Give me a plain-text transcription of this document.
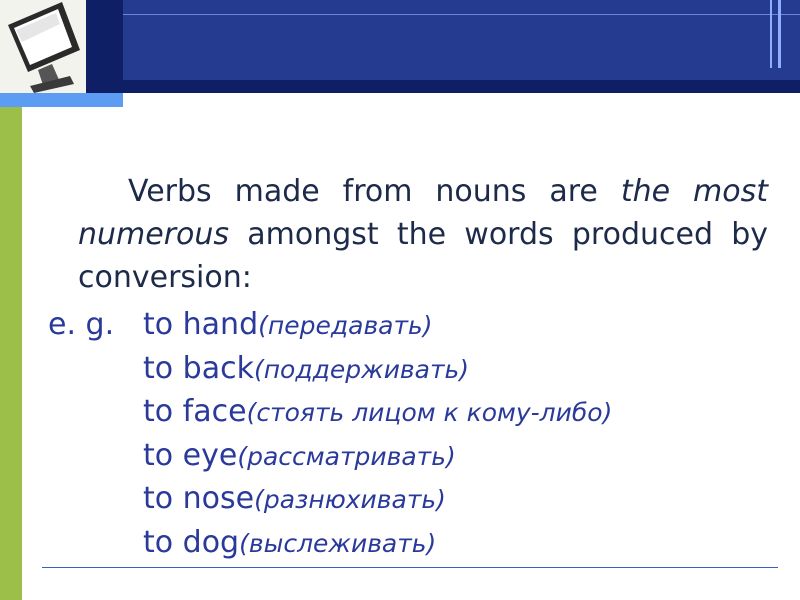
Verbs made from nouns are the most numerous amongst the words produced by conversion:
e. g. to hand(передавать)
to back(поддерживать)
to face(стоять лицом к кому-либо)
to eye(рассматривать)
to nose(разнюхивать)
to dog(выслеживать)
